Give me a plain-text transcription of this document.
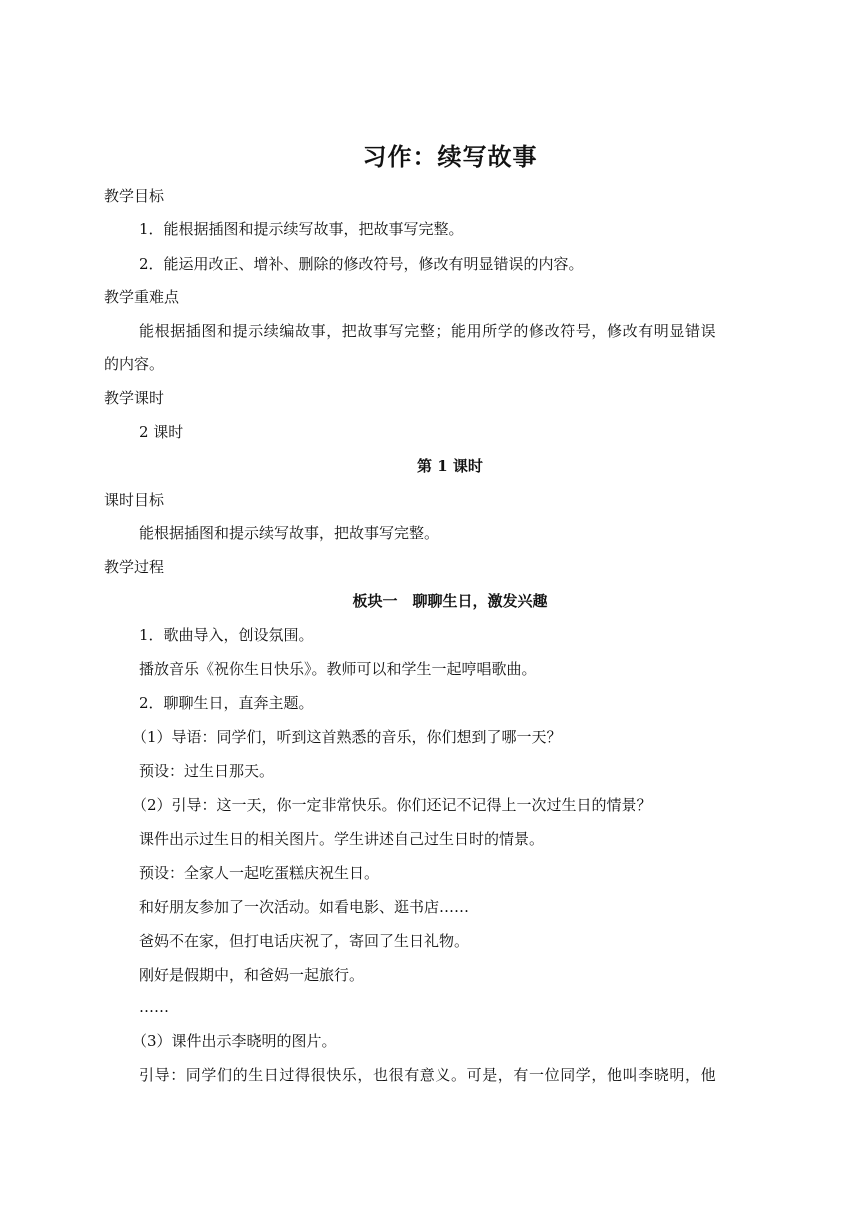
习作：续写故事
教学目标
1．能根据插图和提示续写故事，把故事写完整。
2．能运用改正、增补、删除的修改符号，修改有明显错误的内容。
教学重难点
能根据插图和提示续编故事，把故事写完整；能用所学的修改符号，修改有明显错误
的内容。
教学课时
2 课时
第 1 课时
课时目标
能根据插图和提示续写故事，把故事写完整。
教学过程
板块一　聊聊生日，激发兴趣
1．歌曲导入，创设氛围。
播放音乐《祝你生日快乐》。教师可以和学生一起哼唱歌曲。
2．聊聊生日，直奔主题。
（1）导语：同学们，听到这首熟悉的音乐，你们想到了哪一天？
预设：过生日那天。
（2）引导：这一天，你一定非常快乐。你们还记不记得上一次过生日的情景？
课件出示过生日的相关图片。学生讲述自己过生日时的情景。
预设：全家人一起吃蛋糕庆祝生日。
和好朋友参加了一次活动。如看电影、逛书店……
爸妈不在家，但打电话庆祝了，寄回了生日礼物。
刚好是假期中，和爸妈一起旅行。
……
（3）课件出示李晓明的图片。
引导：同学们的生日过得很快乐，也很有意义。可是，有一位同学，他叫李晓明，他
